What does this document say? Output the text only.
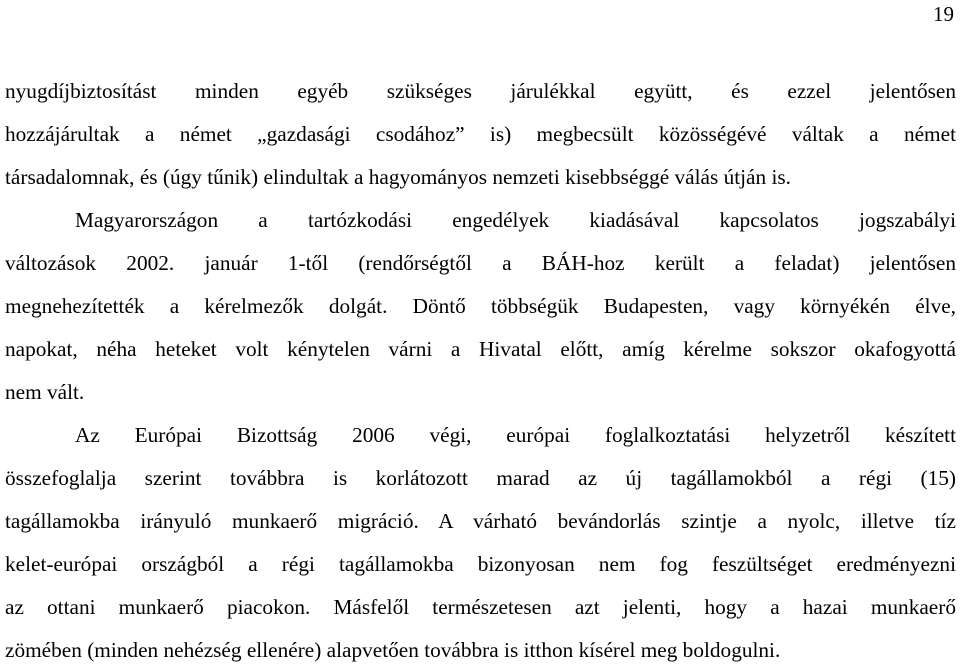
19
nyugdíjbiztosítást minden egyéb szükséges járulékkal együtt, és ezzel jelentősen
hozzájárultak a német „gazdasági csodához” is) megbecsült közösségévé váltak a német
társadalomnak, és (úgy tűnik) elindultak a hagyományos nemzeti kisebbséggé válás útján is.
Magyarországon a tartózkodási engedélyek kiadásával kapcsolatos jogszabályi
változások 2002. január 1-től (rendőrségtől a BÁH-hoz került a feladat) jelentősen
megnehezítették a kérelmezők dolgát. Döntő többségük Budapesten, vagy környékén élve,
napokat, néha heteket volt kénytelen várni a Hivatal előtt, amíg kérelme sokszor okafogyottá
nem vált.
Az Európai Bizottság 2006 végi, európai foglalkoztatási helyzetről készített
összefoglalja szerint továbbra is korlátozott marad az új tagállamokból a régi (15)
tagállamokba irányuló munkaerő migráció. A várható bevándorlás szintje a nyolc, illetve tíz
kelet-európai országból a régi tagállamokba bizonyosan nem fog feszültséget eredményezni
az ottani munkaerő piacokon. Másfelől természetesen azt jelenti, hogy a hazai munkaerő
zömében (minden nehézség ellenére) alapvetően továbbra is itthon kísérel meg boldogulni.
